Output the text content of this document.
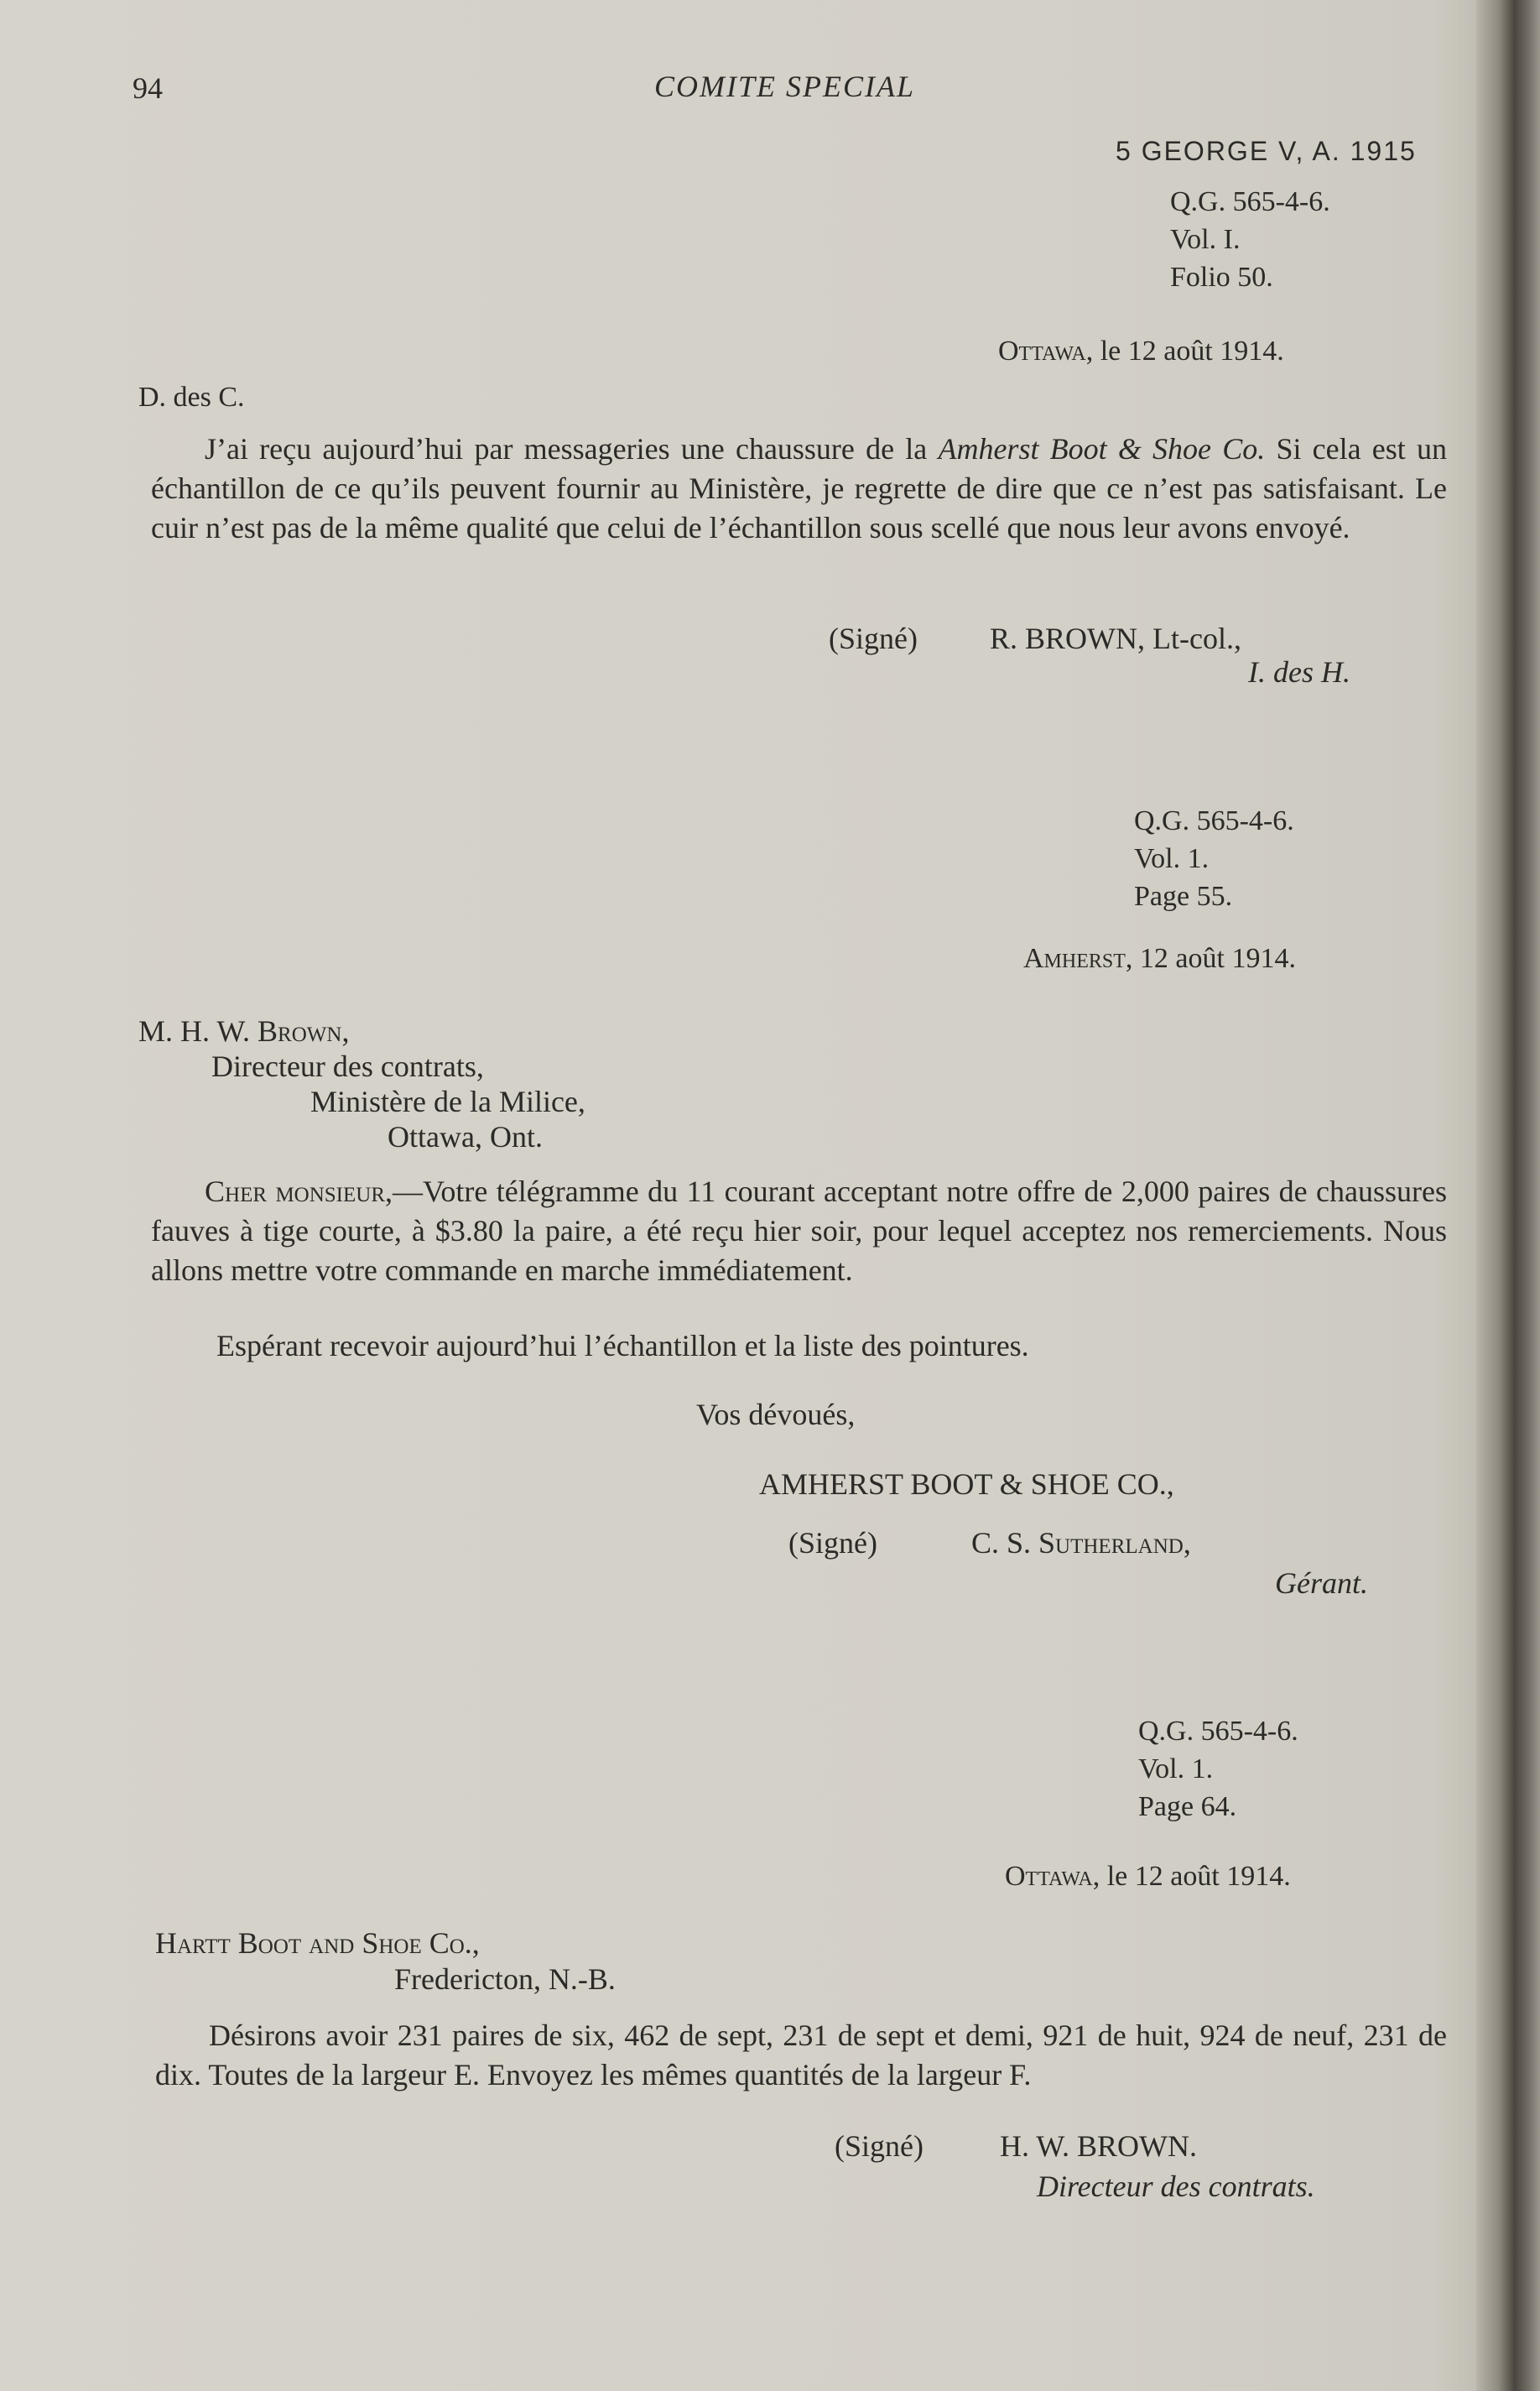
94	COMITE SPECIAL
5 GEORGE V, A. 1915
Q.G. 565-4-6.
Vol. I.
Folio 50.
Ottawa, le 12 août 1914.
D. des C.
J’ai reçu aujourd’hui par messageries une chaussure de la Amherst Boot & Shoe Co. Si cela est un échantillon de ce qu’ils peuvent fournir au Ministère, je regrette de dire que ce n’est pas satisfaisant. Le cuir n’est pas de la même qualité que celui de l’échantillon sous scellé que nous leur avons envoyé.
(Signé) R. BROWN, Lt-col.,
I. des H.
Q.G. 565-4-6.
Vol. 1.
Page 55.
Amherst, 12 août 1914.
M. H. W. Brown,
Directeur des contrats,
Ministère de la Milice,
Ottawa, Ont.
Cher monsieur,—Votre télégramme du 11 courant acceptant notre offre de 2,000 paires de chaussures fauves à tige courte, à $3.80 la paire, a été reçu hier soir, pour lequel acceptez nos remerciements. Nous allons mettre votre commande en marche immédiatement.
Espérant recevoir aujourd’hui l’échantillon et la liste des pointures.
Vos dévoués,
AMHERST BOOT & SHOE CO.,
(Signé)	C. S. Sutherland,
Gérant.
Q.G. 565-4-6.
Vol. 1.
Page 64.
Ottawa, le 12 août 1914.
Hartt Boot and Shoe Co.,
Fredericton, N.-B.
Désirons avoir 231 paires de six, 462 de sept, 231 de sept et demi, 921 de huit, 924 de neuf, 231 de dix. Toutes de la largeur E. Envoyez les mêmes quantités de la largeur F.
(Signé)	H. W. BROWN.
Directeur des contrats.
